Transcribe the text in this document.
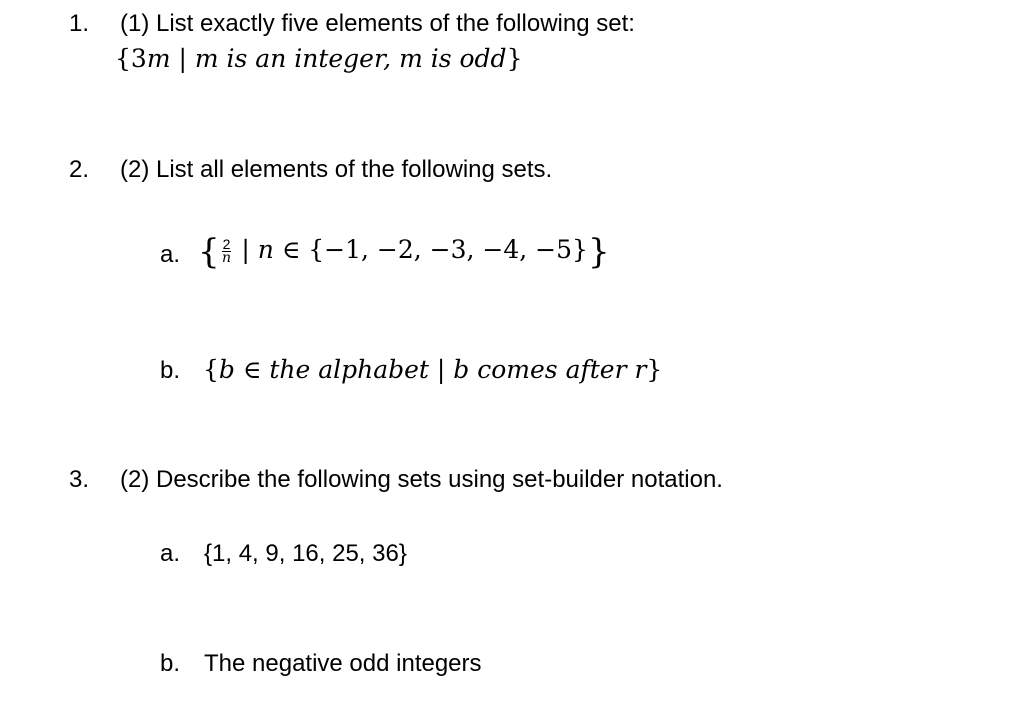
1. (1) List exactly five elements of the following set:
{3m | m is an integer, m is odd}
2. (2) List all elements of the following sets.
a. { $\frac{2}{n}$ | n ∈ {−1, −2, −3, −4, −5}}
b. {b ∈ the alphabet | b comes after r}
3. (2) Describe the following sets using set-builder notation.
a. {1, 4, 9, 16, 25, 36}
b. The negative odd integers
